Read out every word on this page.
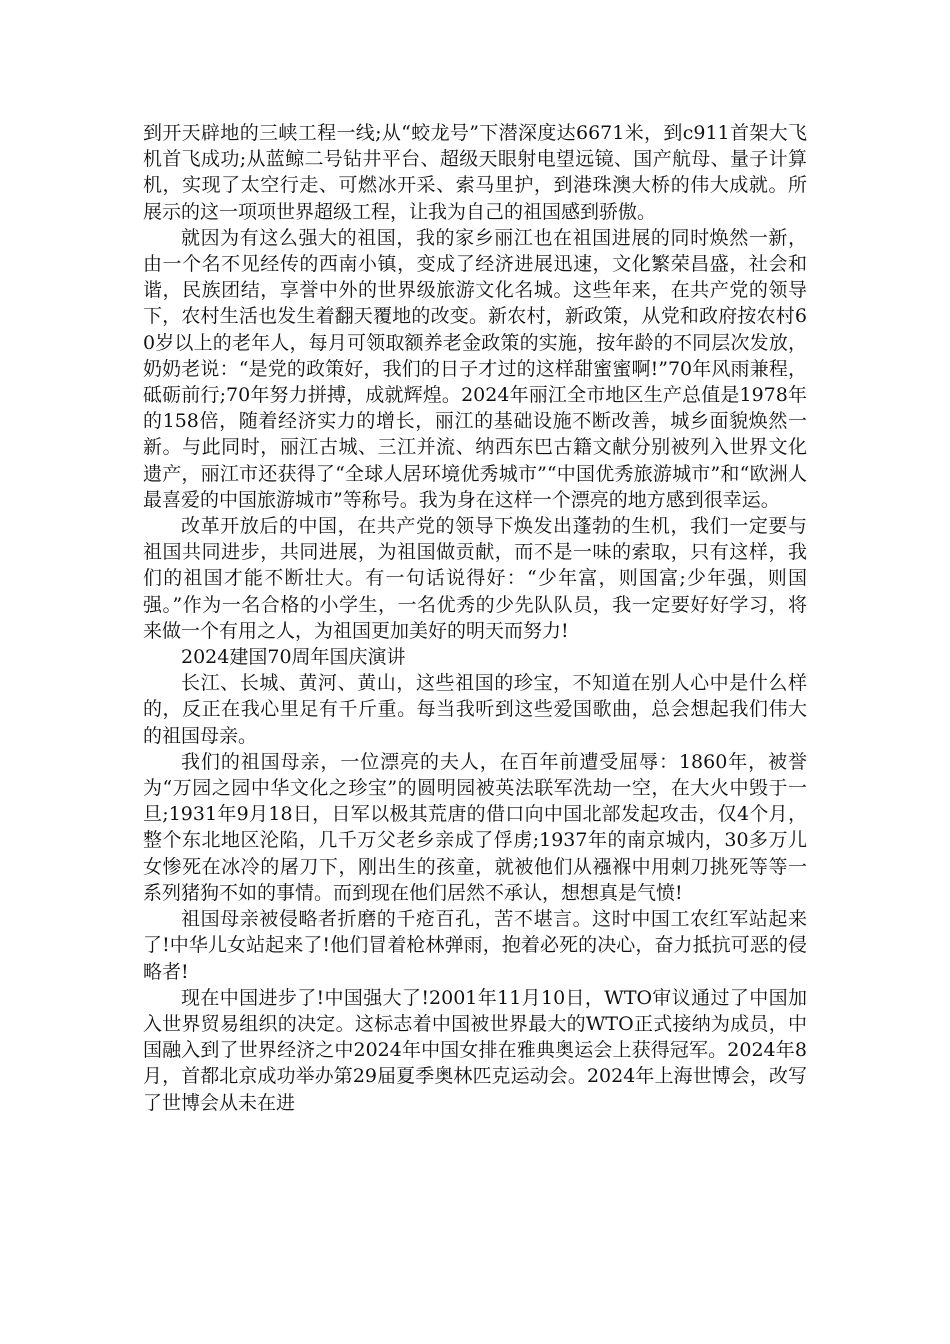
到开天辟地的三峡工程一线;从“蛟龙号”下潜深度达6671米，到c911首架大飞机首飞成功;从蓝鲸二号钻井平台、超级天眼射电望远镜、国产航母、量子计算机，实现了太空行走、可燃冰开采、索马里护，到港珠澳大桥的伟大成就。所展示的这一项项世界超级工程，让我为自己的祖国感到骄傲。

就因为有这么强大的祖国，我的家乡丽江也在祖国进展的同时焕然一新，由一个名不见经传的西南小镇，变成了经济进展迅速，文化繁荣昌盛，社会和谐，民族团结，享誉中外的世界级旅游文化名城。这些年来，在共产党的领导下，农村生活也发生着翻天覆地的改变。新农村，新政策，从党和政府按农村60岁以上的老年人，每月可领取额养老金政策的实施，按年龄的不同层次发放，奶奶老说：“是党的政策好，我们的日子才过的这样甜蜜蜜啊!”70年风雨兼程，砥砺前行;70年努力拼搏，成就辉煌。2024年丽江全市地区生产总值是1978年的158倍，随着经济实力的增长，丽江的基础设施不断改善，城乡面貌焕然一新。与此同时，丽江古城、三江并流、纳西东巴古籍文献分别被列入世界文化遗产，丽江市还获得了“全球人居环境优秀城市”“中国优秀旅游城市”和“欧洲人最喜爱的中国旅游城市”等称号。我为身在这样一个漂亮的地方感到很幸运。

改革开放后的中国，在共产党的领导下焕发出蓬勃的生机，我们一定要与祖国共同进步，共同进展，为祖国做贡献，而不是一味的索取，只有这样，我们的祖国才能不断壮大。有一句话说得好：“少年富，则国富;少年强，则国强。”作为一名合格的小学生，一名优秀的少先队队员，我一定要好好学习，将来做一个有用之人，为祖国更加美好的明天而努力!

2024建国70周年国庆演讲

长江、长城、黄河、黄山，这些祖国的珍宝，不知道在别人心中是什么样的，反正在我心里足有千斤重。每当我听到这些爱国歌曲，总会想起我们伟大的祖国母亲。

我们的祖国母亲，一位漂亮的夫人，在百年前遭受屈辱：1860年，被誉为“万园之园中华文化之珍宝”的圆明园被英法联军洗劫一空，在大火中毁于一旦;1931年9月18日，日军以极其荒唐的借口向中国北部发起攻击，仅4个月，整个东北地区沦陷，几千万父老乡亲成了俘虏;1937年的南京城内，30多万儿女惨死在冰冷的屠刀下，刚出生的孩童，就被他们从襁褓中用刺刀挑死等等一系列猪狗不如的事情。而到现在他们居然不承认，想想真是气愤!

祖国母亲被侵略者折磨的千疮百孔，苦不堪言。这时中国工农红军站起来了!中华儿女站起来了!他们冒着枪林弹雨，抱着必死的决心，奋力抵抗可恶的侵略者!

现在中国进步了!中国强大了!2001年11月10日，WTO审议通过了中国加入世界贸易组织的决定。这标志着中国被世界最大的WTO正式接纳为成员，中国融入到了世界经济之中2024年中国女排在雅典奥运会上获得冠军。2024年8月，首都北京成功举办第29届夏季奥林匹克运动会。2024年上海世博会，改写了世博会从未在进
